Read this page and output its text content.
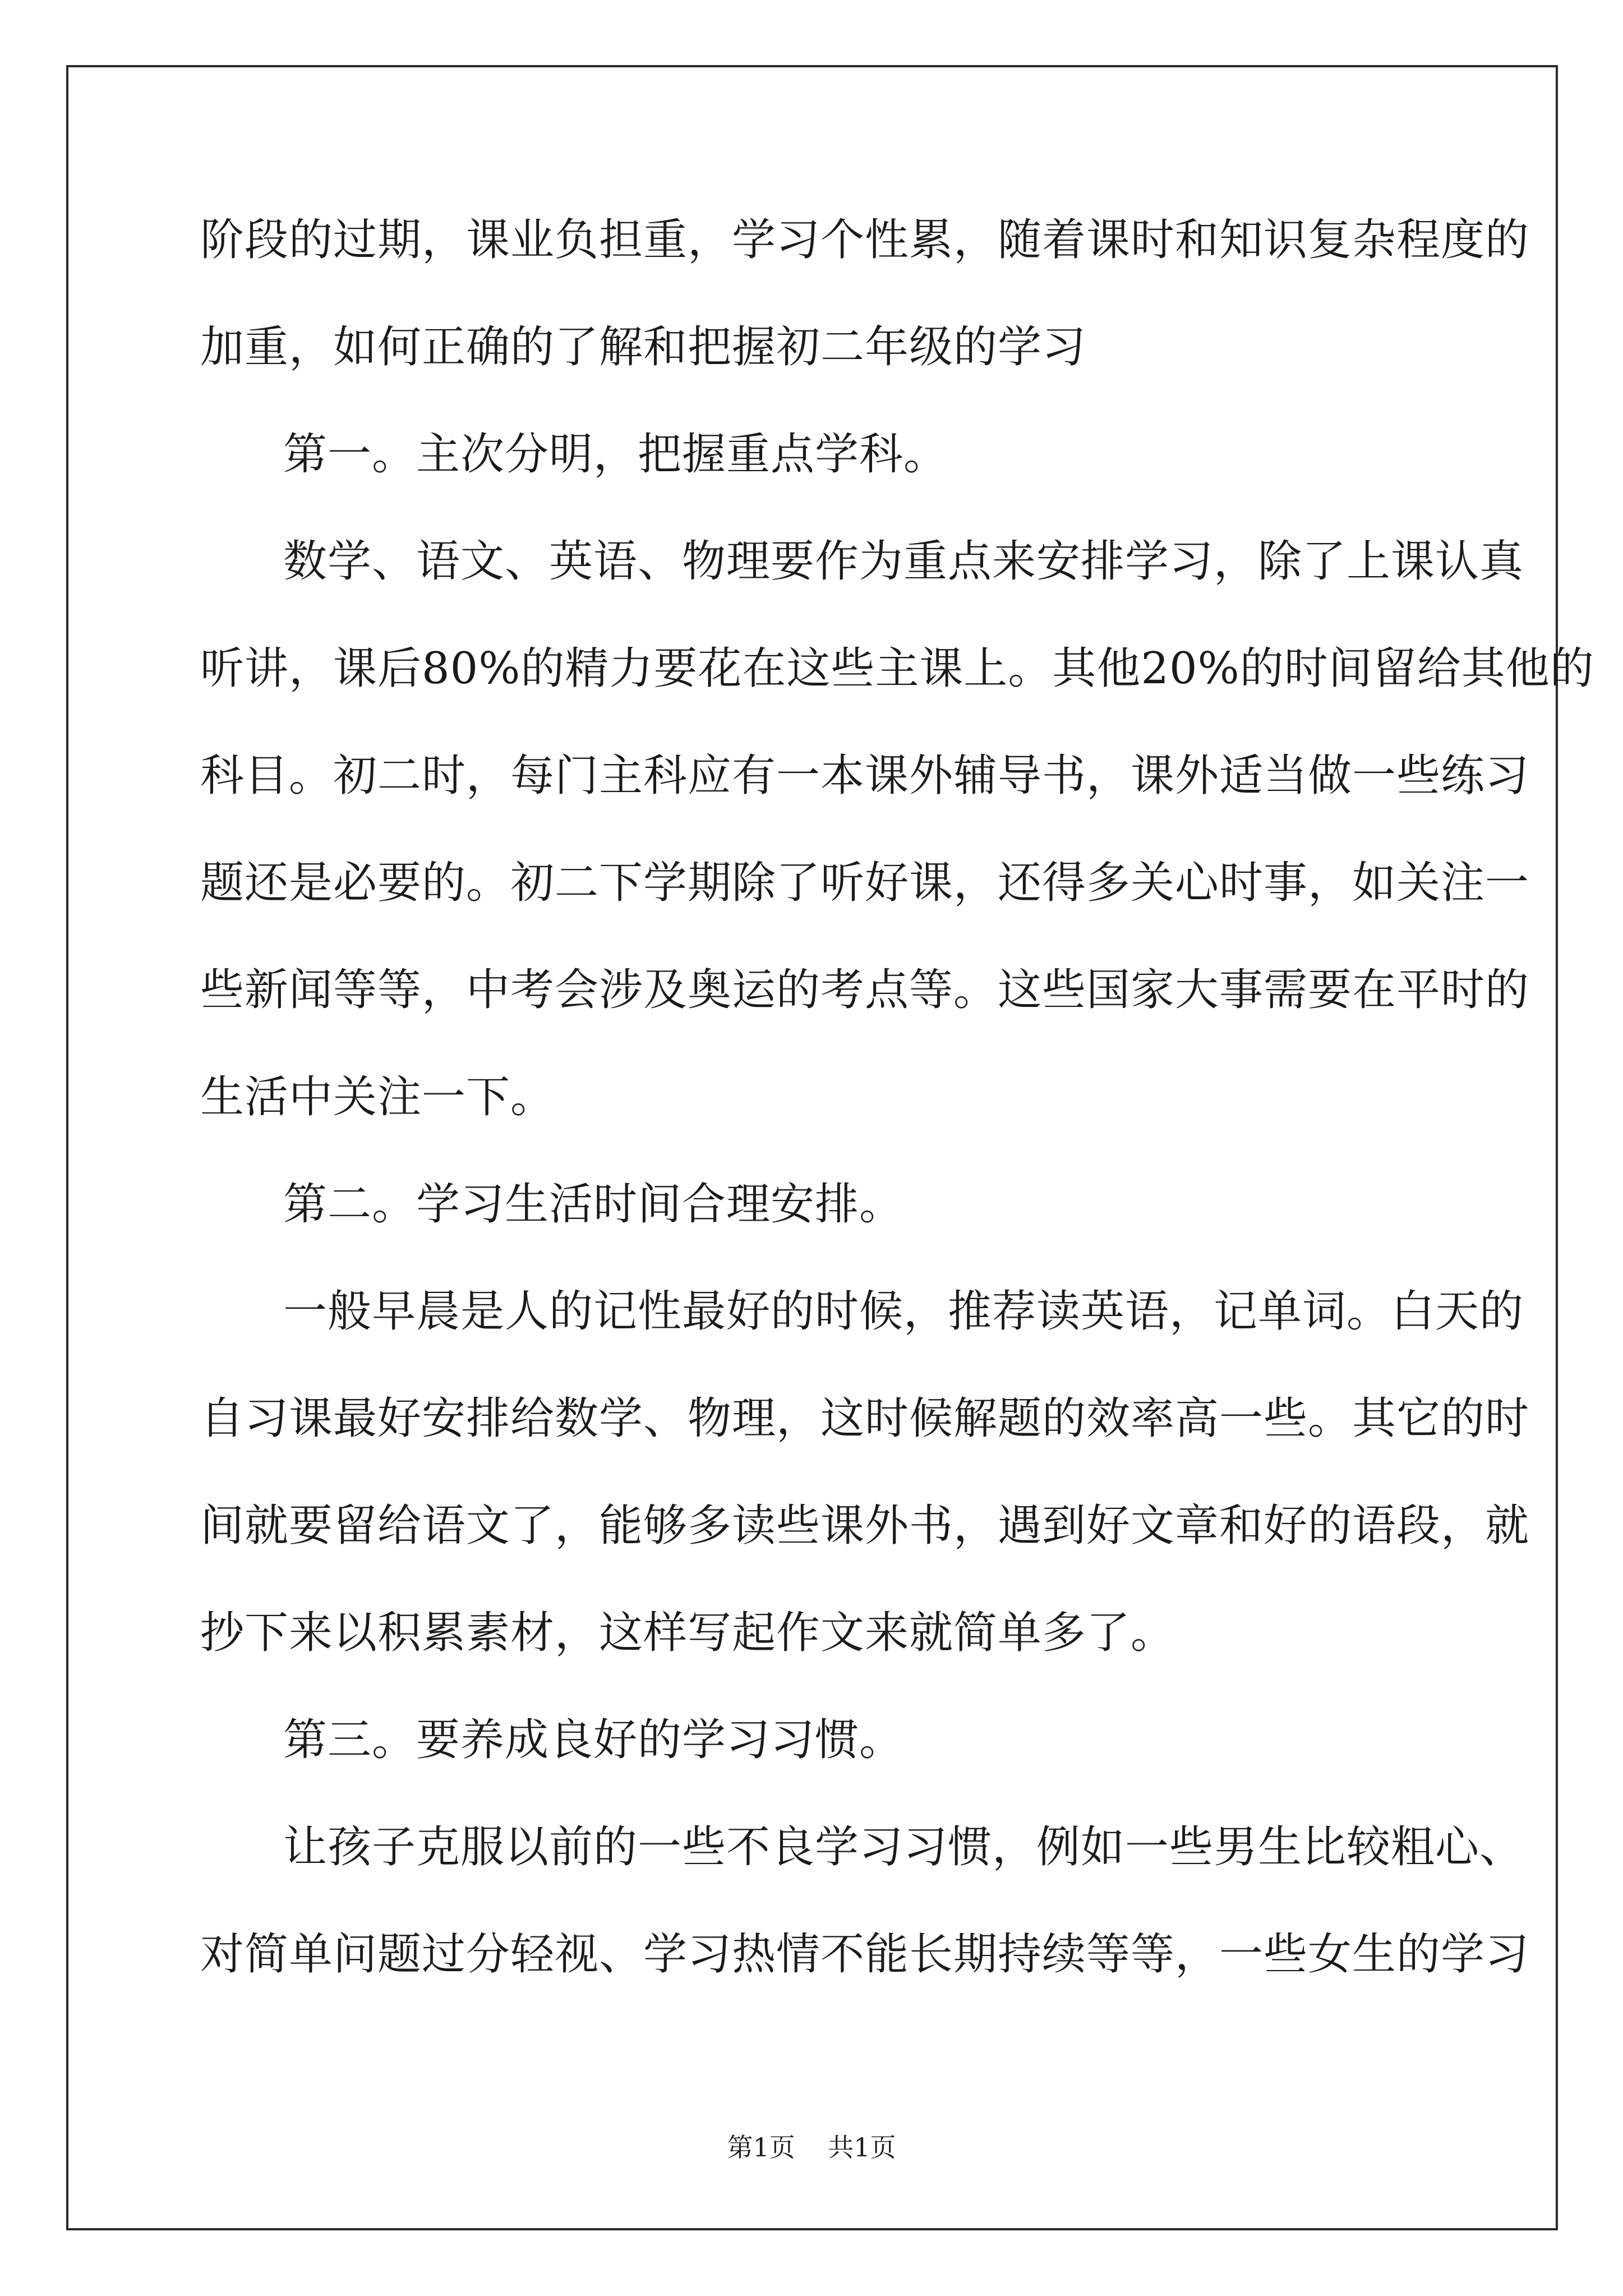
阶段的过期，课业负担重，学习个性累，随着课时和知识复杂程度的
加重，如何正确的了解和把握初二年级的学习
第一。主次分明，把握重点学科。
数学、语文、英语、物理要作为重点来安排学习，除了上课认真
听讲，课后80%的精力要花在这些主课上。其他20%的时间留给其他的
科目。初二时，每门主科应有一本课外辅导书，课外适当做一些练习
题还是必要的。初二下学期除了听好课，还得多关心时事，如关注一
些新闻等等，中考会涉及奥运的考点等。这些国家大事需要在平时的
生活中关注一下。
第二。学习生活时间合理安排。
一般早晨是人的记性最好的时候，推荐读英语，记单词。白天的
自习课最好安排给数学、物理，这时候解题的效率高一些。其它的时
间就要留给语文了，能够多读些课外书，遇到好文章和好的语段，就
抄下来以积累素材，这样写起作文来就简单多了。
第三。要养成良好的学习习惯。
让孩子克服以前的一些不良学习习惯，例如一些男生比较粗心、
对简单问题过分轻视、学习热情不能长期持续等等，一些女生的学习
第1页 共1页
